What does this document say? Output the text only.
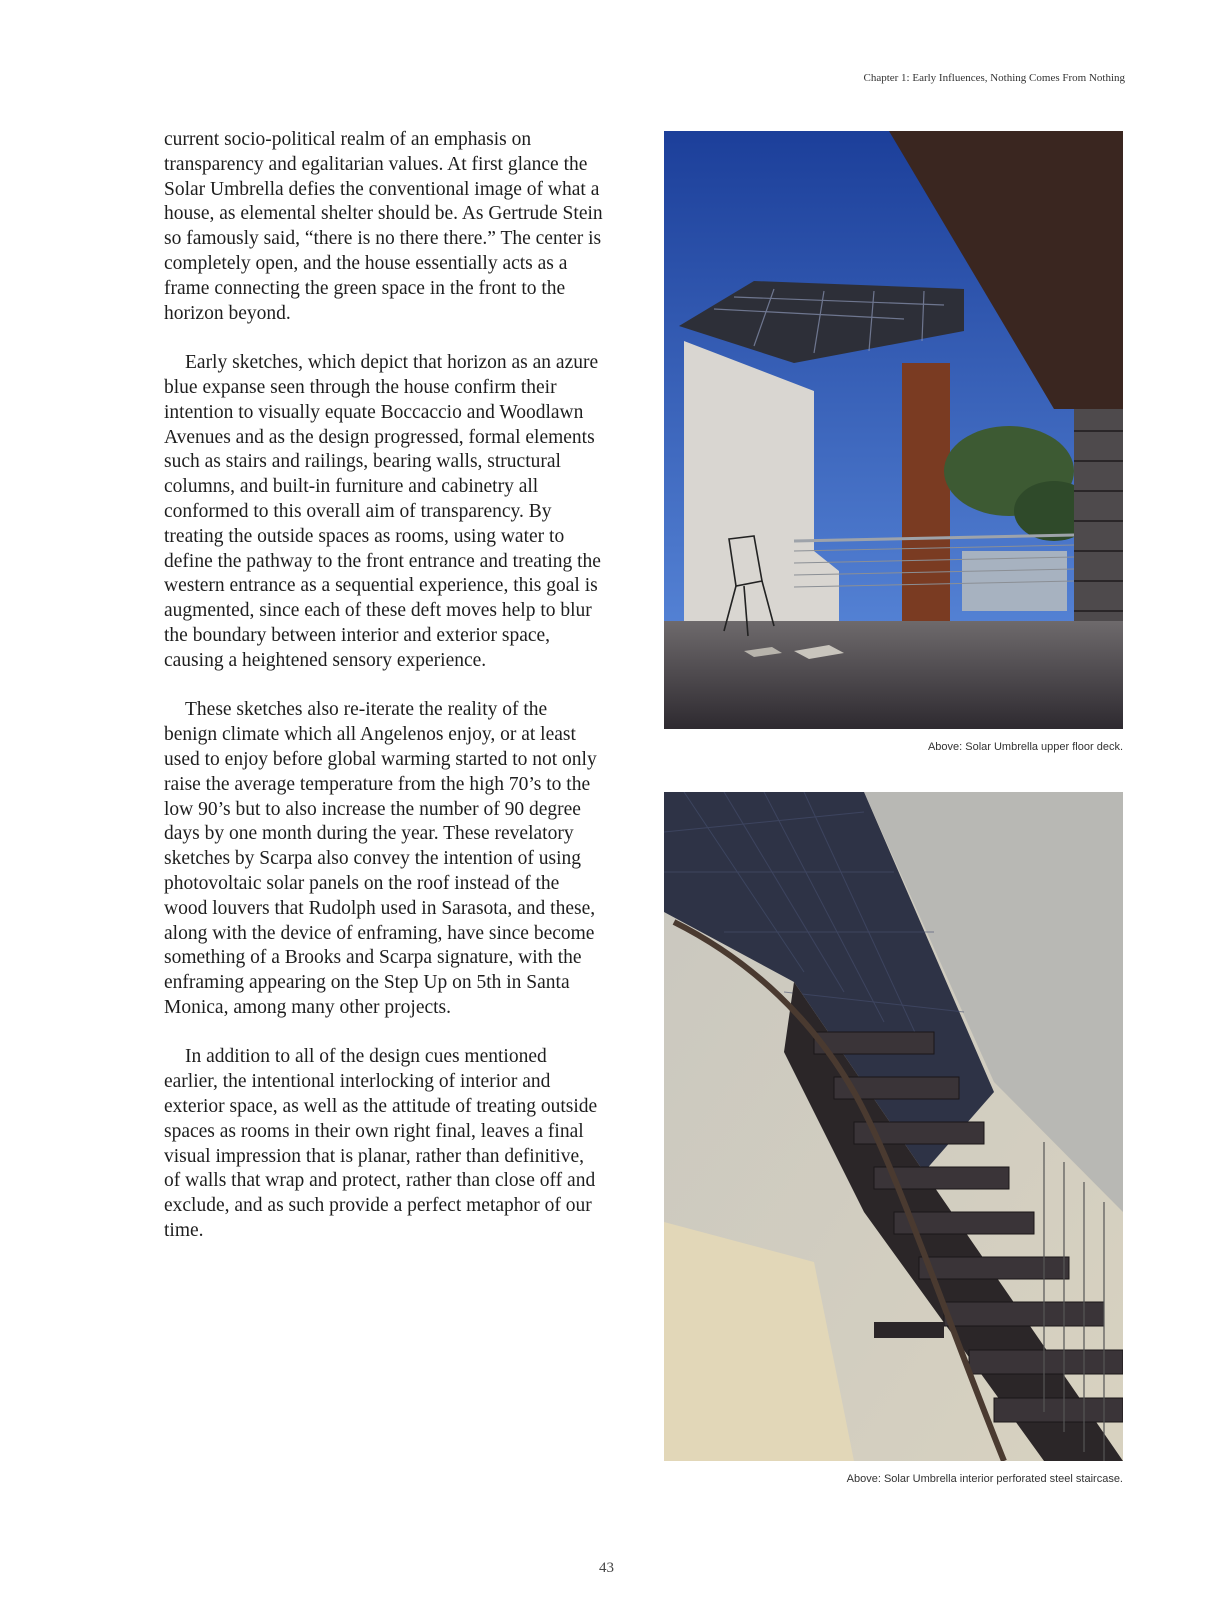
Chapter 1: Early Influences, Nothing Comes From Nothing

current socio-political realm of an emphasis on transparency and egalitarian values. At first glance the Solar Umbrella defies the conventional image of what a house, as elemental shelter should be. As Gertrude Stein so famously said, “there is no there there.” The center is completely open, and the house essentially acts as a frame connecting the green space in the front to the horizon beyond.

Early sketches, which depict that horizon as an azure blue expanse seen through the house confirm their intention to visually equate Boccaccio and Woodlawn Avenues and as the design progressed, formal elements such as stairs and railings, bearing walls, structural columns, and built-in furniture and cabinetry all conformed to this overall aim of transparency. By treating the outside spaces as rooms, using water to define the pathway to the front entrance and treating the western entrance as a sequential experience, this goal is augmented, since each of these deft moves help to blur the boundary between interior and exterior space, causing a heightened sensory experience.

These sketches also re-iterate the reality of the benign climate which all Angelenos enjoy, or at least used to enjoy before global warming started to not only raise the average temperature from the high 70’s to the low 90’s but to also increase the number of 90 degree days by one month during the year. These revelatory sketches by Scarpa also convey the intention of using photovoltaic solar panels on the roof instead of the wood louvers that Rudolph used in Sarasota, and these, along with the device of enframing, have since become something of a Brooks and Scarpa signature, with the enframing appearing on the Step Up on 5th in Santa Monica, among many other projects.

In addition to all of the design cues mentioned earlier, the intentional interlocking of interior and exterior space, as well as the attitude of treating outside spaces as rooms in their own right final, leaves a final visual impression that is planar, rather than definitive, of walls that wrap and protect, rather than close off and exclude, and as such provide a perfect metaphor of our time.

Above: Solar Umbrella upper floor deck.
Above: Solar Umbrella interior perforated steel staircase.
43
